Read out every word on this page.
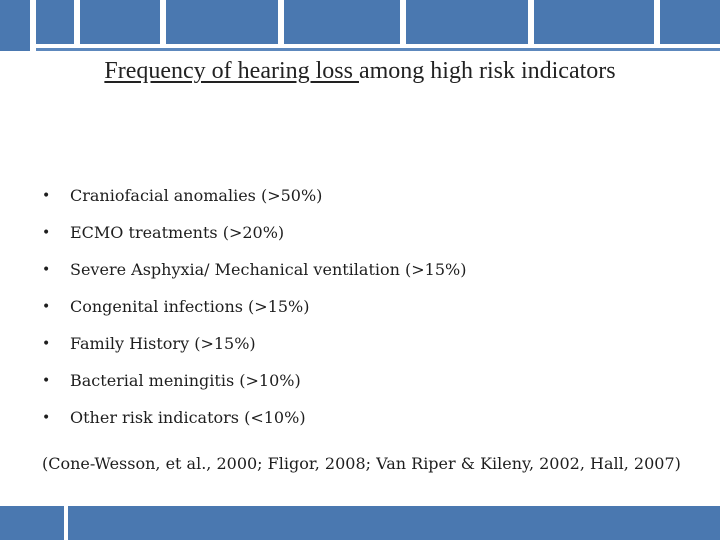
Frequency of hearing loss among high risk indicators
•	Craniofacial anomalies (>50%)
•	ECMO treatments (>20%)
•	Severe Asphyxia/ Mechanical ventilation (>15%)
•	Congenital infections (>15%)
•	Family History (>15%)
•	Bacterial meningitis (>10%)
•	Other risk indicators (<10%)
(Cone-Wesson, et al., 2000; Fligor, 2008; Van Riper & Kileny, 2002, Hall, 2007)
